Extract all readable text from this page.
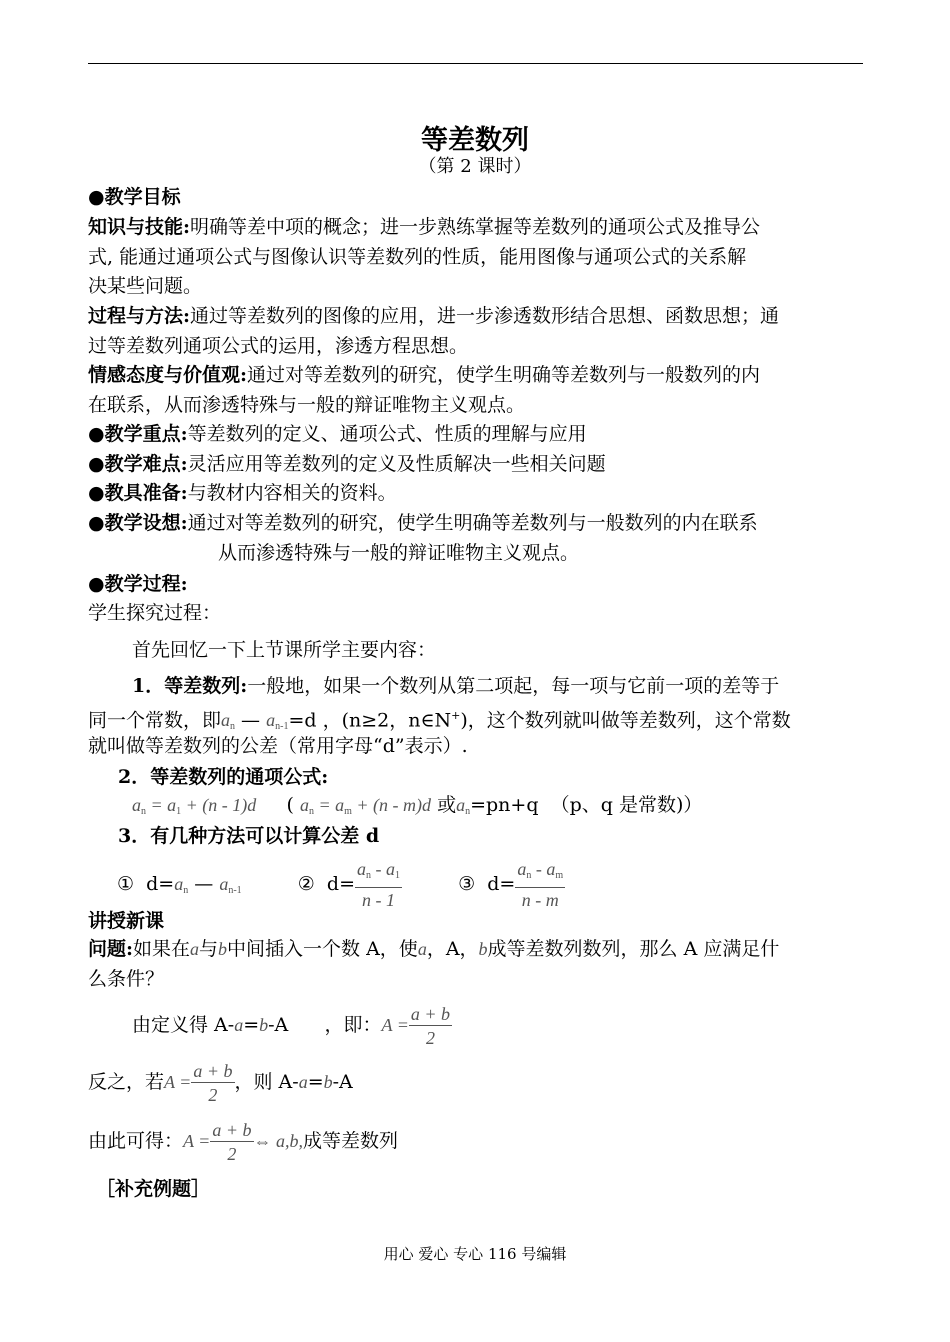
等差数列
（第 2 课时）
●教学目标
知识与技能:明确等差中项的概念；进一步熟练掌握等差数列的通项公式及推导公
式, 能通过通项公式与图像认识等差数列的性质，能用图像与通项公式的关系解
决某些问题。
过程与方法:通过等差数列的图像的应用，进一步渗透数形结合思想、函数思想；通
过等差数列通项公式的运用，渗透方程思想。
情感态度与价值观:通过对等差数列的研究，使学生明确等差数列与一般数列的内
在联系，从而渗透特殊与一般的辩证唯物主义观点。
●教学重点:等差数列的定义、通项公式、性质的理解与应用
●教学难点:灵活应用等差数列的定义及性质解决一些相关问题
●教具准备:与教材内容相关的资料。
●教学设想:通过对等差数列的研究，使学生明确等差数列与一般数列的内在联系
从而渗透特殊与一般的辩证唯物主义观点。
●教学过程:
学生探究过程：
首先回忆一下上节课所学主要内容：
1．等差数列:一般地，如果一个数列从第二项起，每一项与它前一项的差等于
同一个常数，即$a_n$ — $a_{n-1}=d$ ，(n≥2，n∈N+)，这个数列就叫做等差数列，这个常数
就叫做等差数列的公差（常用字母“d”表示）.
2．等差数列的通项公式:
$a_n = a_1 + (n - 1)d$     ( $a_n = a_m + (n - m)d$ 或$a_n=pn+q$ （p、q 是常数)）
3．有几种方法可以计算公差 d
① $d=a_n$ — $a_{n-1}$	② $d= \frac{a_n - a_1}{n - 1}$	③ $d= \frac{a_n - a_m}{n - m}$
讲授新课
问题:如果在a与b中间插入一个数 A，使a，A，b成等差数列数列，那么 A 应满足什
么条件？
由定义得 A-a=b-A ，即：$A = \frac{a + b}{2}$
反之，若$A = \frac{a + b}{2}$ ，则 A-a=b-A
由此可得：$A = \frac{a + b}{2}$ ⇔ a,b,成等差数列
［补充例题］
用心 爱心 专心 116 号编辑
